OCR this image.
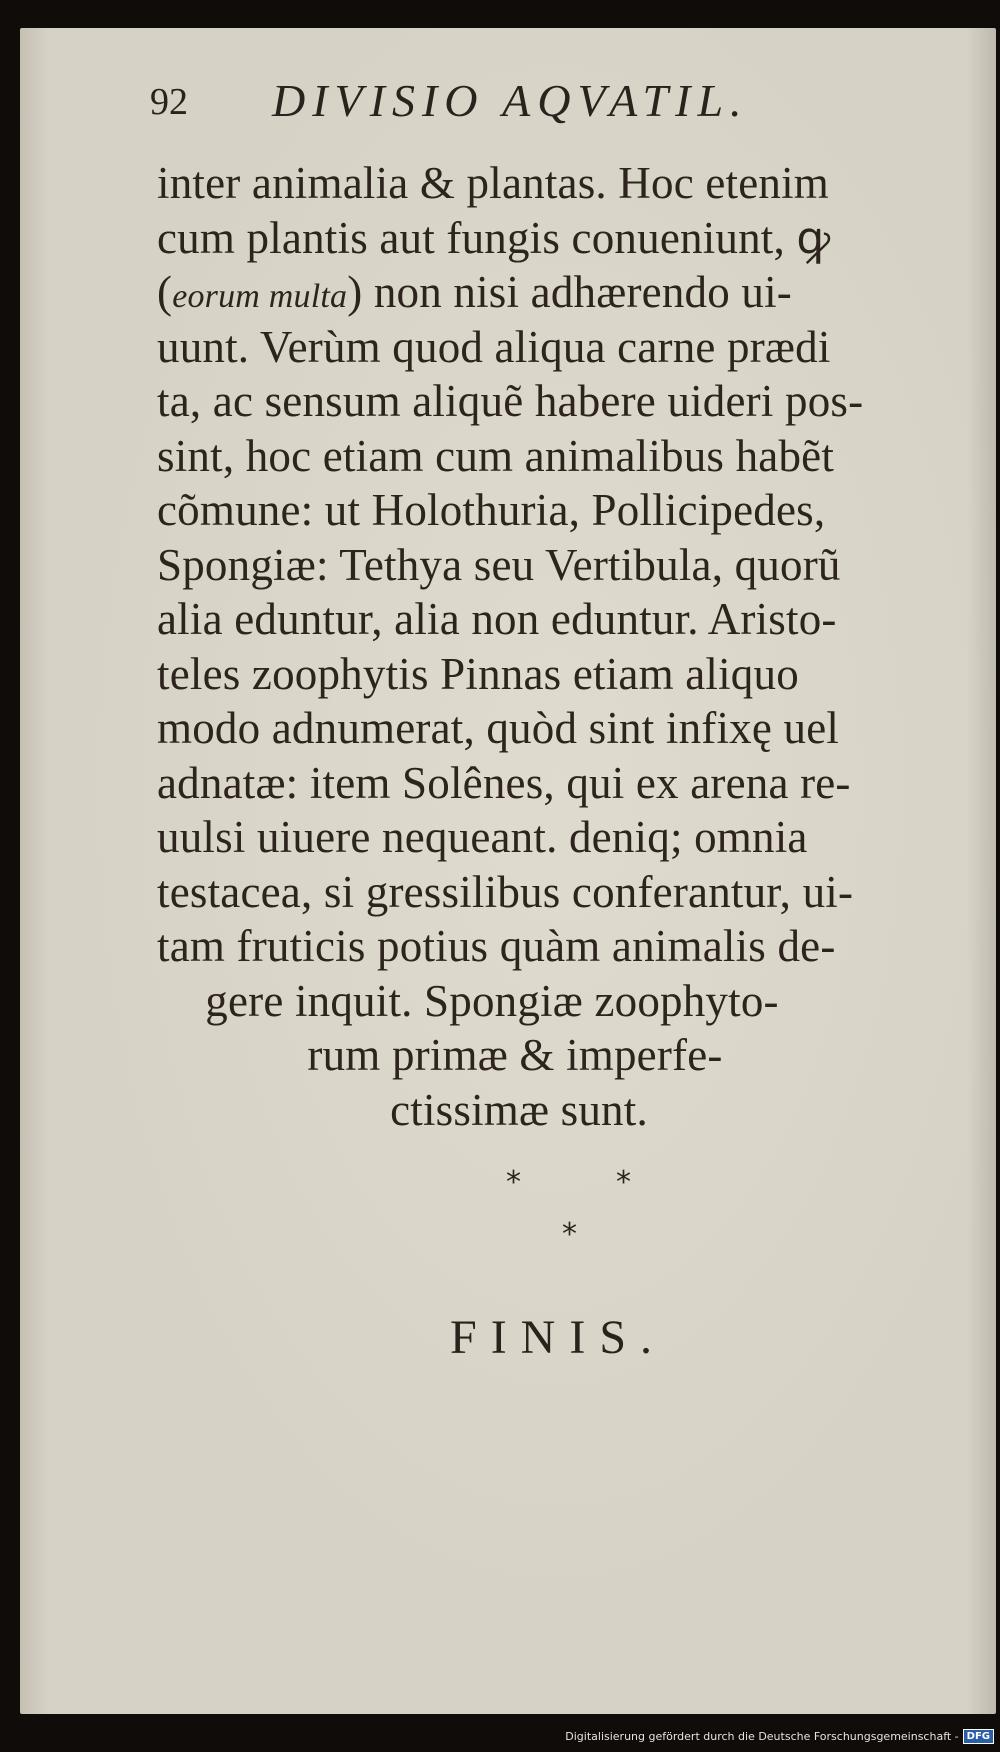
92 DIVISIO AQVATIL.
inter animalia & plantas. Hoc etenim
cum plantis aut fungis conueniunt, ꝙ
(eorum multa) non nisi adhærendo ui-
uunt. Verùm quod aliqua carne prædi
ta, ac sensum aliquẽ habere uideri pos-
sint, hoc etiam cum animalibus habẽt
cõmune: ut Holothuria, Pollicipedes,
Spongiæ: Tethya seu Vertibula, quorũ
alia eduntur, alia non eduntur. Aristo-
teles zoophytis Pinnas etiam aliquo
modo adnumerat, quòd sint infixę uel
adnatæ: item Solênes, qui ex arena re-
uulsi uiuere nequeant. deniq; omnia
testacea, si gressilibus conferantur, ui-
tam fruticis potius quàm animalis de-
gere inquit. Spongiæ zoophyto-
rum primæ & imperfe-
ctissimæ sunt.
*	*
*
FINIS.
Digitalisierung gefördert durch die Deutsche Forschungsgemeinschaft - DFG
